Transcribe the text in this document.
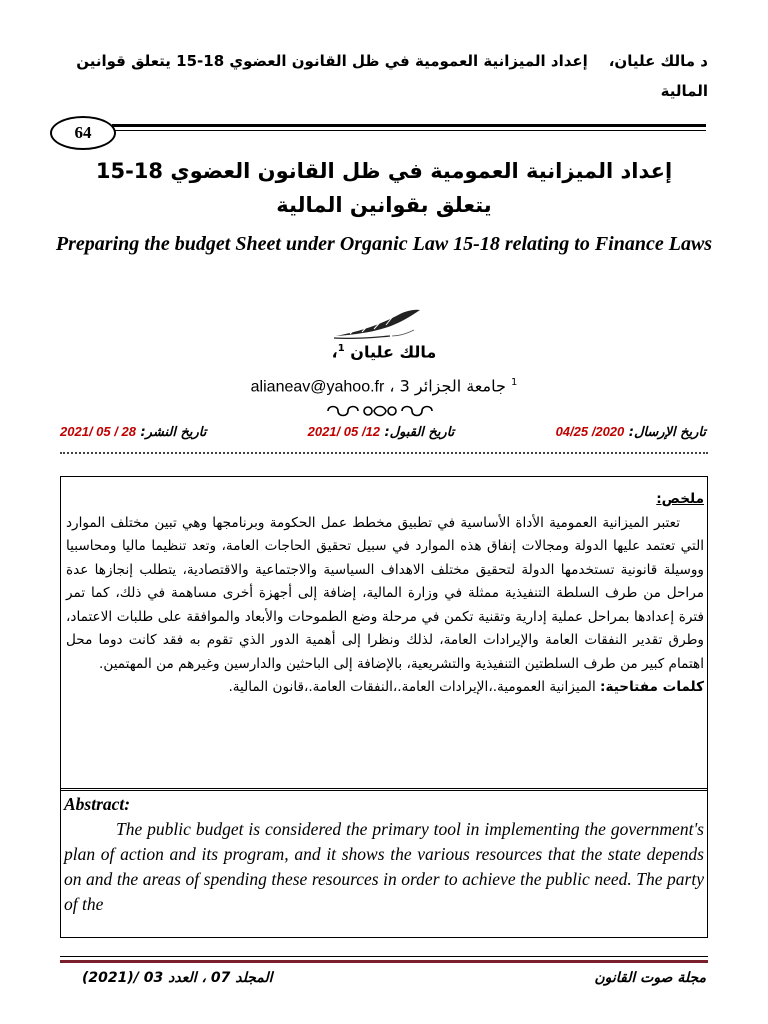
د مالك عليان،    إعداد الميزانية العمومية في ظل القانون العضوي 18-15 يتعلق قوانين المالية
64
إعداد الميزانية العمومية في ظل القانون العضوي 18-15
يتعلق بقوانين المالية
Preparing the budget Sheet under Organic Law 15-18 relating to Finance Laws
مالك عليان $^1$،
$^1$ جامعة الجزائر 3 ، alianeav@yahoo.fr
تاريخ الإرسال: 2020/ 04/25
تاريخ القبول: 12/ 05 /2021
تاريخ النشر: 28 / 05 /2021
ملخص:
تعتبر الميزانية العمومية الأداة الأساسية في تطبيق مخطط عمل الحكومة وبرنامجها وهي تبين مختلف الموارد التي تعتمد عليها الدولة ومجالات إنفاق هذه الموارد في سبيل تحقيق الحاجات العامة، وتعد تنظيما ماليا ومحاسبيا ووسيلة قانونية تستخدمها الدولة لتحقيق مختلف الاهداف السياسية والاجتماعية والاقتصادية، يتطلب إنجازها عدة مراحل من طرف السلطة التنفيذية ممثلة في وزارة المالية، إضافة إلى أجهزة أخرى مساهمة في ذلك، كما تمر فترة إعدادها بمراحل عملية إدارية وتقنية تكمن في مرحلة وضع الطموحات والأبعاد والموافقة على طلبات الاعتماد، وطرق تقدير النفقات العامة والإيرادات العامة، لذلك ونظرا إلى أهمية الدور الذي تقوم به فقد كانت دوما محل اهتمام كبير من طرف السلطتين التنفيذية والتشريعية، بالإضافة إلى الباحثين والدارسين وغيرهم من المهتمين.
كلمات مفتاحية: الميزانية العمومية.،الإيرادات العامة.،النفقات العامة.،قانون المالية.
Abstract:
The public budget is considered the primary tool in implementing the government's plan of action and its program, and it shows the various resources that the state depends on and the areas of spending these resources in order to achieve the public need. The party of the
المجلد 07 ، العدد 03 /(2021)	مجلة صوت القانون
